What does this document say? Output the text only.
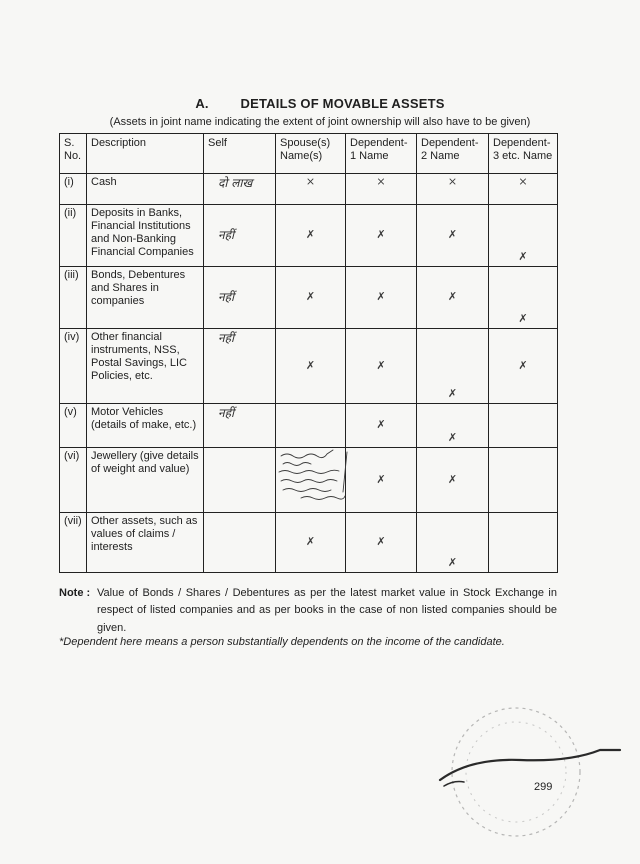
A. DETAILS OF MOVABLE ASSETS
(Assets in joint name indicating the extent of joint ownership will also have to be given)
S. No.	Description	Self	Spouse(s) Name(s)	Dependent-1 Name	Dependent-2 Name	Dependent-3 etc. Name
(i)	Cash	दो लाख	×	×	×	×

(ii)	Deposits in Banks, Financial Institutions and Non-Banking Financial Companies	नहीं	✗	✗	✗	✗

(iii)	Bonds, Debentures and Shares in companies	नहीं	✗	✗	✗	✗

(iv)	Other financial instruments, NSS, Postal Savings, LIC Policies, etc.	नहीं	✗	✗	✗	✗

(v)	Motor Vehicles (details of make, etc.)	नहीं		✗	✗	

(vi)	Jewellery (give details of weight and value)			✗	✗	

(vii)	Other assets, such as values of claims / interests		✗	✗	✗	

Note : Value of Bonds / Shares / Debentures as per the latest market value in Stock Exchange in respect of listed companies and as per books in the case of non listed companies should be given.
*Dependent here means a person substantially dependents on the income of the candidate.
299
